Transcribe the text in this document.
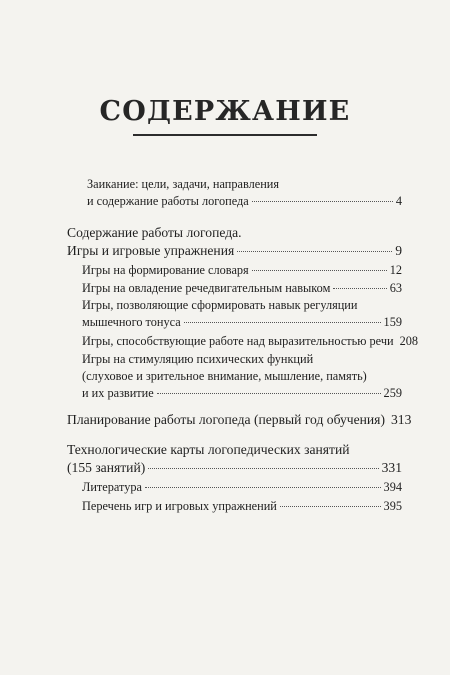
СОДЕРЖАНИЕ
Заикание: цели, задачи, направления
и содержание работы логопеда	4
Содержание работы логопеда.
Игры и игровые упражнения	9
Игры на формирование словаря	12
Игры на овладение речедвигательным навыком	63
Игры, позволяющие сформировать навык регуляции
мышечного тонуса	159
Игры, способствующие работе над выразительностью речи 208
Игры на стимуляцию психических функций
(слуховое и зрительное внимание, мышление, память)
и их развитие	259
Планирование работы логопеда (первый год обучения) 313
Технологические карты логопедических занятий
(155 занятий)	331
Литература	394
Перечень игр и игровых упражнений	395
